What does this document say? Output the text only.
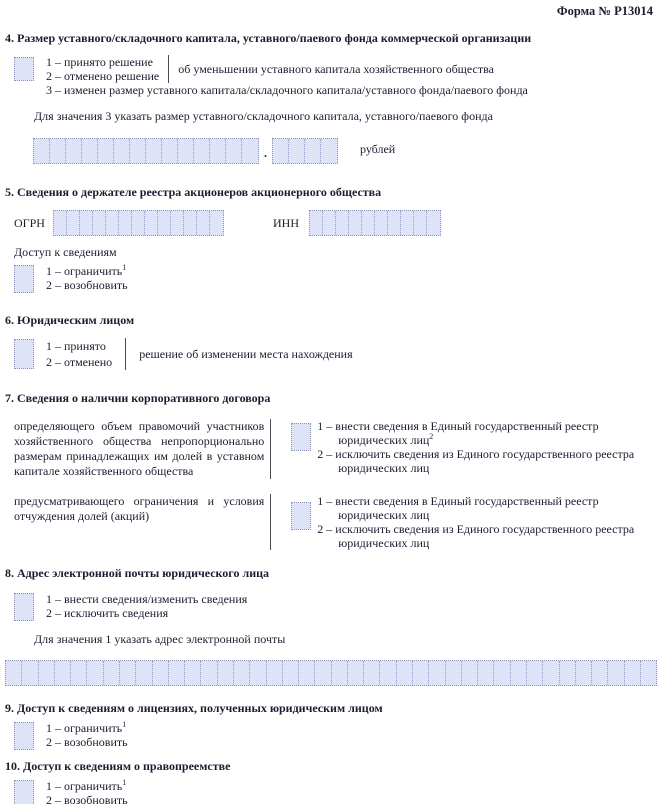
Форма № Р13014
4. Размер уставного/складочного капитала, уставного/паевого фонда коммерческой организации
1 – принято решение
2 – отменено решение
об уменьшении уставного капитала хозяйственного общества
3 – изменен размер уставного капитала/складочного капитала/уставного фонда/паевого фонда
Для значения 3 указать размер уставного/складочного капитала, уставного/паевого фонда
.	рублей
5. Сведения о держателе реестра акционеров акционерного общества
ОГРН	ИНН
Доступ к сведениям
1 – ограничить$^1$
2 – возобновить
6. Юридическим лицом
1 – принято
2 – отменено
решение об изменении места нахождения
7. Сведения о наличии корпоративного договора
определяющего объем правомочий участников хозяйственного общества непропорционально размерам принадлежащих им долей в уставном капитале хозяйственного общества
1 – внести сведения в Единый государственный реестр юридических лиц$^2$
2 – исключить сведения из Единого государственного реестра юридических лиц
предусматривающего ограничения и условия отчуждения долей (акций)
1 – внести сведения в Единый государственный реестр юридических лиц
2 – исключить сведения из Единого государственного реестра юридических лиц
8. Адрес электронной почты юридического лица
1 – внести сведения/изменить сведения
2 – исключить сведения
Для значения 1 указать адрес электронной почты
9. Доступ к сведениям о лицензиях, полученных юридическим лицом
1 – ограничить$^1$
2 – возобновить
10. Доступ к сведениям о правопреемстве
1 – ограничить$^1$
2 – возобновить
